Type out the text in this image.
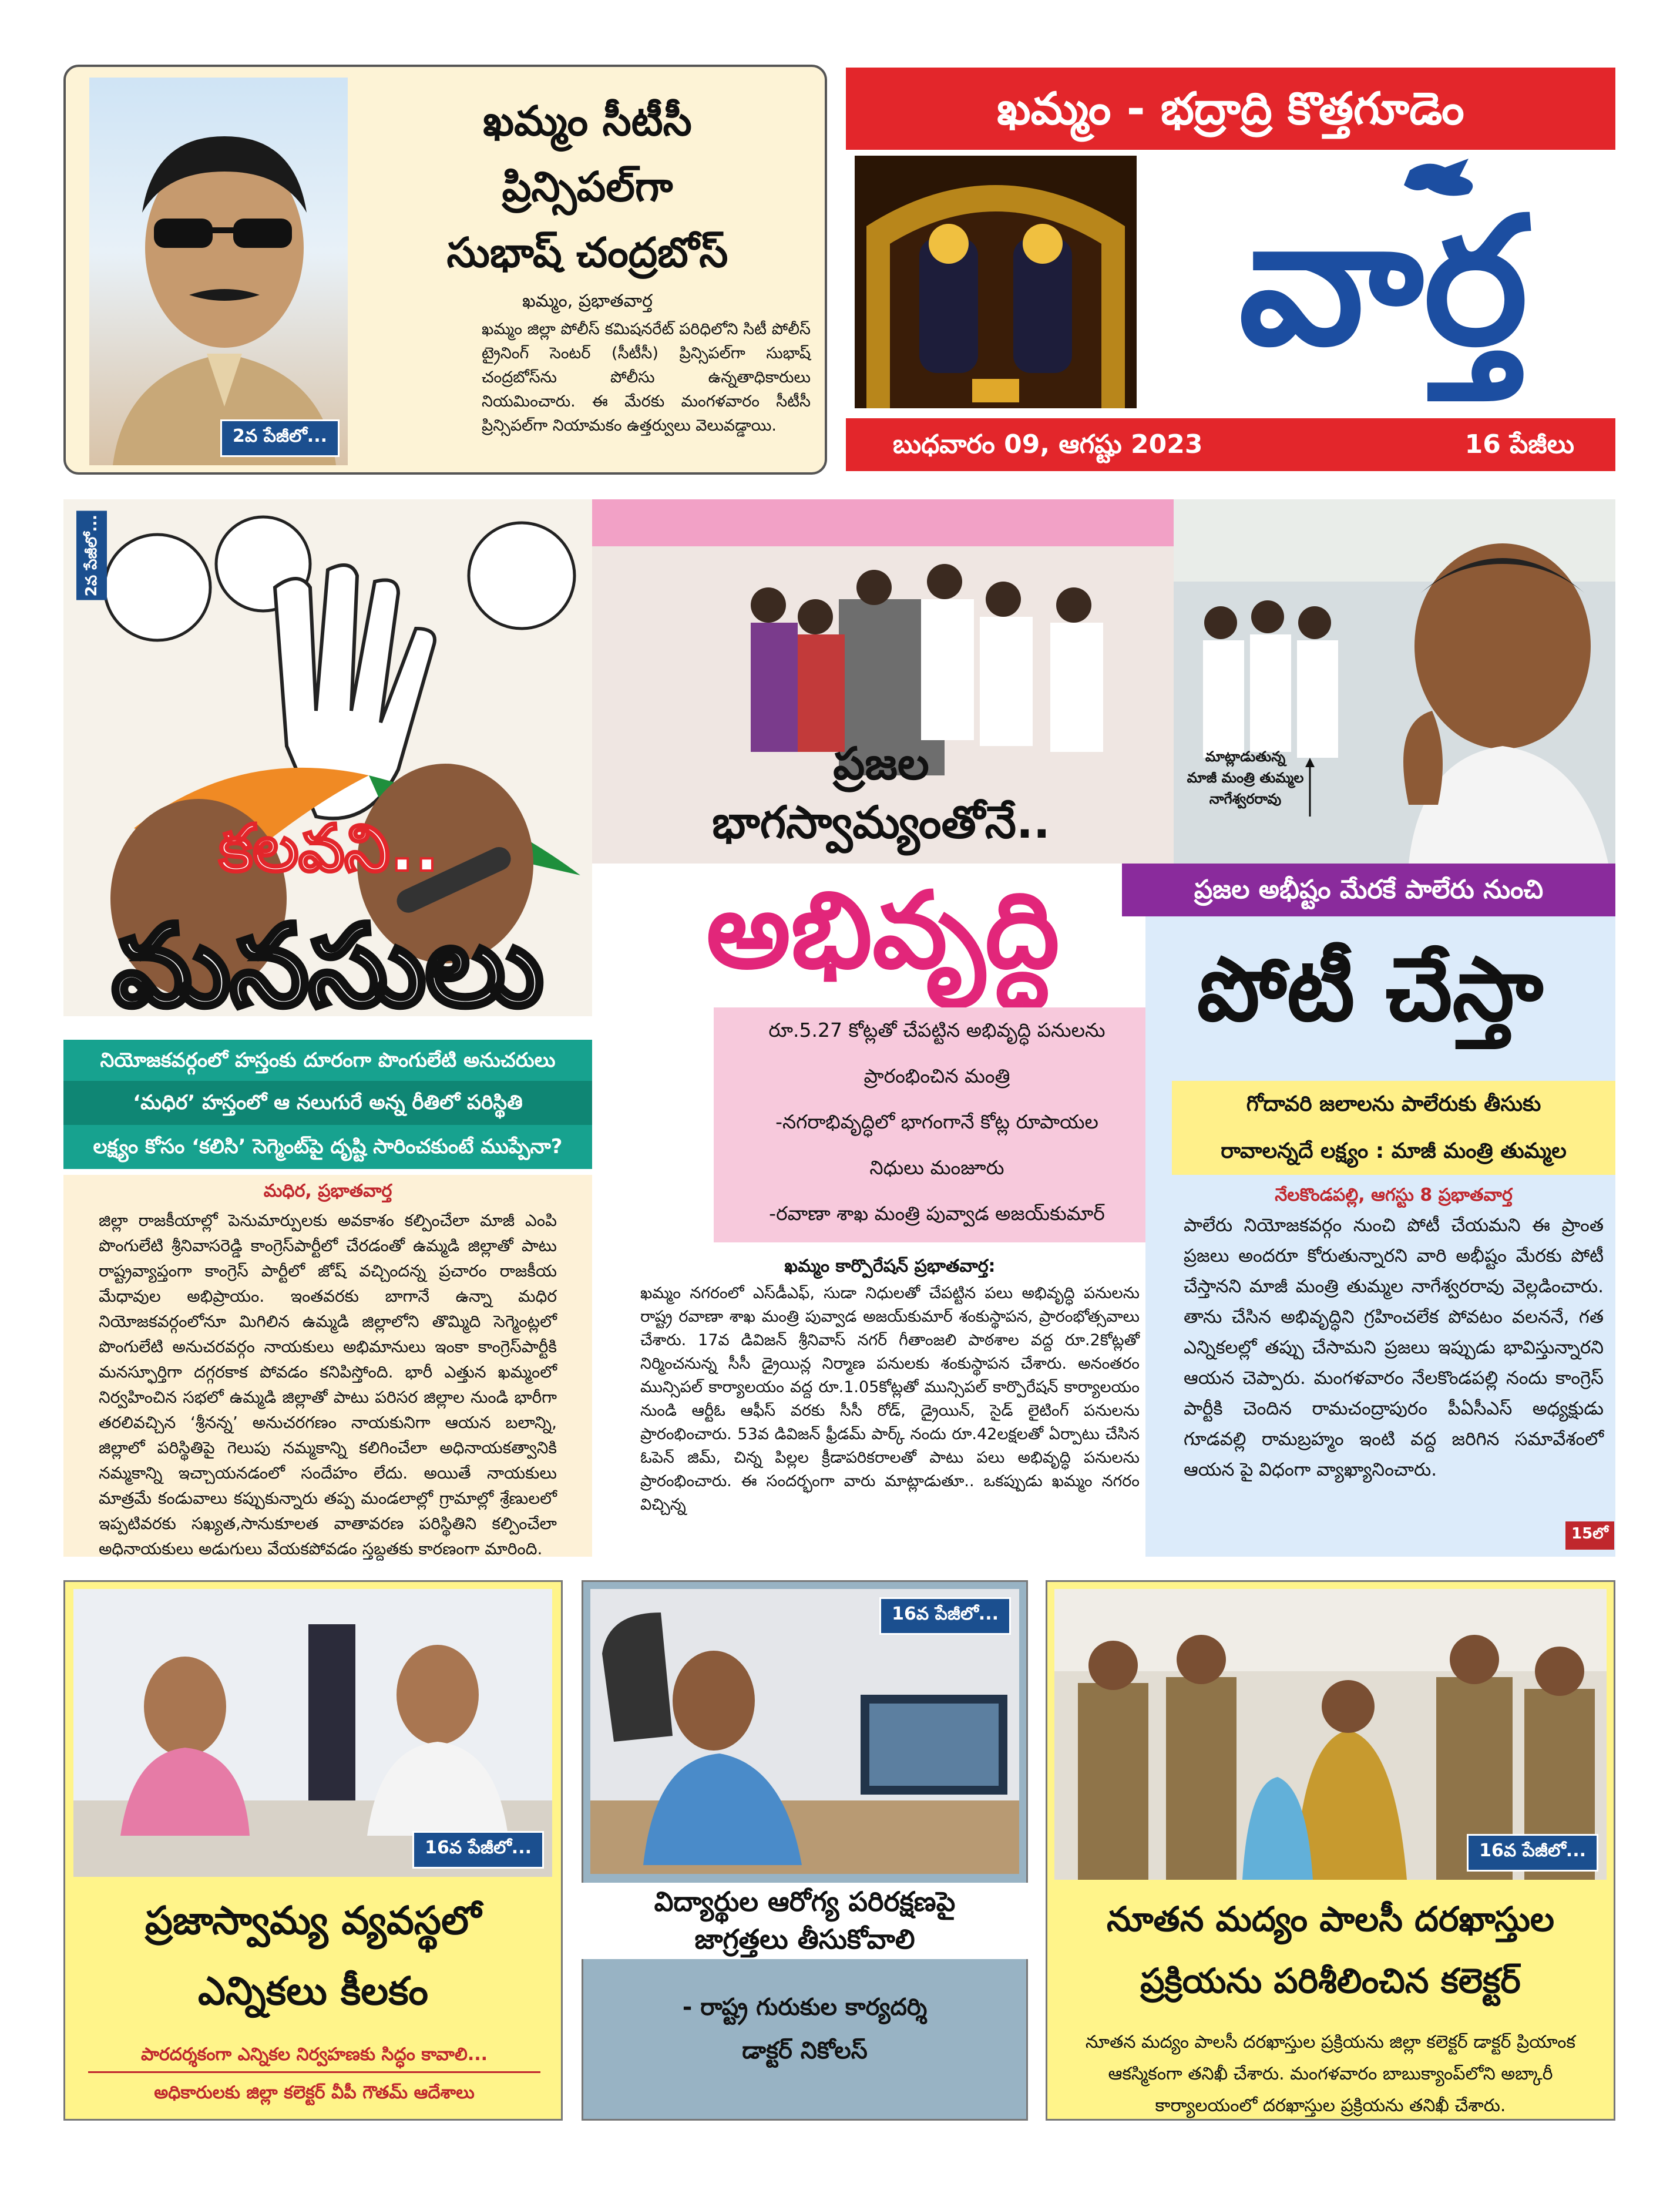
2వ పేజీలో...
ఖమ్మం సీటీసీ
ప్రిన్సిపల్‌గా
సుభాష్ చంద్రబోస్
ఖమ్మం, ప్రభాతవార్త
ఖమ్మం జిల్లా పోలీస్ కమిషనరేట్ పరిధిలోని సిటీ పోలీస్ ట్రైనింగ్ సెంటర్ (సీటీసీ) ప్రిన్సిపల్‌గా సుభాష్ చంద్రబోస్‌ను పోలీసు ఉన్నతాధికారులు నియమించారు. ఈ మేరకు మంగళవారం సీటీసీ ప్రిన్సిపల్‌గా నియామకం ఉత్తర్వులు వెలువడ్డాయి.
ఖమ్మం - భద్రాద్రి కొత్తగూడెం
వార్త
బుధవారం 09, ఆగష్టు 2023	16 పేజీలు
2వ పేజీలో...
కలవని..
మనసులు
నియోజకవర్గంలో హస్తంకు దూరంగా పొంగులేటి అనుచరులు
‘మధిర’ హస్తంలో ఆ నలుగురే అన్న రీతిలో పరిస్థితి
లక్ష్యం కోసం ‘కలిసి’ సెగ్మెంట్‌పై దృష్టి సారించకుంటే ముప్పేనా?
మధిర, ప్రభాతవార్త
జిల్లా రాజకీయాల్లో పెనుమార్పులకు అవకాశం కల్పించేలా మాజీ ఎంపి పొంగులేటి శ్రీనివాసరెడ్డి కాంగ్రెస్‌పార్టీలో చేరడంతో ఉమ్మడి జిల్లాతో పాటు రాష్ట్రవ్యాప్తంగా కాంగ్రెస్ పార్టీలో జోష్ వచ్చిందన్న ప్రచారం రాజకీయ మేధావుల అభిప్రాయం. ఇంతవరకు బాగానే ఉన్నా మధిర నియోజకవర్గంలోనూ మిగిలిన ఉమ్మడి జిల్లాలోని తొమ్మిది సెగ్మెంట్లలో పొంగులేటి అనుచరవర్గం నాయకులు అభిమానులు ఇంకా కాంగ్రెస్‌పార్టీకి మనస్ఫూర్తిగా దగ్గరకాక పోవడం కనిపిస్తోంది. భారీ ఎత్తున ఖమ్మంలో నిర్వహించిన సభలో ఉమ్మడి జిల్లాతో పాటు పరిసర జిల్లాల నుండి భారీగా తరలివచ్చిన ‘శ్రీనన్న’ అనుచరగణం నాయకునిగా ఆయన బలాన్ని, జిల్లాలో పరిస్థితిపై గెలుపు నమ్మకాన్ని కలిగించేలా అధినాయకత్వానికి నమ్మకాన్ని ఇచ్చాయనడంలో సందేహం లేదు. అయితే నాయకులు మాత్రమే కండువాలు కప్పుకున్నారు తప్ప మండలాల్లో గ్రామాల్లో శ్రేణులలో ఇప్పటివరకు సఖ్యత,సానుకూలత వాతావరణ పరిస్థితిని కల్పించేలా అధినాయకులు అడుగులు వేయకపోవడం స్తబ్దతకు కారణంగా మారింది.
ప్రజల
భాగస్వామ్యంతోనే..
అభివృద్ధి
రూ.5.27 కోట్లతో చేపట్టిన అభివృద్ధి పనులను
ప్రారంభించిన మంత్రి
-నగరాభివృద్ధిలో భాగంగానే కోట్ల రూపాయల
నిధులు మంజూరు
-రవాణా శాఖ మంత్రి పువ్వాడ అజయ్‌కుమార్
ఖమ్మం కార్పొరేషన్ ప్రభాతవార్త:
ఖమ్మం నగరంలో ఎస్‌డీఎఫ్, సుడా నిధులతో చేపట్టిన పలు అభివృద్ధి పనులను రాష్ట్ర రవాణా శాఖ మంత్రి పువ్వాడ అజయ్‌కుమార్ శంకుస్థాపన, ప్రారంభోత్సవాలు చేశారు. 17వ డివిజన్ శ్రీనివాస్ నగర్ గీతాంజలి పాఠశాల వద్ద రూ.2కోట్లతో నిర్మించనున్న సీసీ డ్రైయిన్ల నిర్మాణ పనులకు శంకుస్థాపన చేశారు. అనంతరం మున్సిపల్ కార్యాలయం వద్ద రూ.1.05కోట్లతో మున్సిపల్ కార్పొరేషన్ కార్యాలయం నుండి ఆర్టీఓ ఆఫీస్ వరకు సీసీ రోడ్, డ్రైయిన్, సైడ్ లైటింగ్ పనులను ప్రారంభించారు. 53వ డివిజన్ ఫ్రీడమ్ పార్క్ నందు రూ.42లక్షలతో ఏర్పాటు చేసిన ఓపెన్ జిమ్, చిన్న పిల్లల క్రీడాపరికరాలతో పాటు పలు అభివృద్ధి పనులను ప్రారంభించారు. ఈ సందర్భంగా వారు మాట్లాడుతూ.. ఒకప్పుడు ఖమ్మం నగరం విచ్చిన్న
మాట్లాడుతున్న
మాజీ మంత్రి తుమ్మల
నాగేశ్వరరావు
ప్రజల అభీష్టం మేరకే పాలేరు నుంచి
పోటీ చేస్తా
గోదావరి జలాలను పాలేరుకు తీసుకు
రావాలన్నదే లక్ష్యం : మాజీ మంత్రి తుమ్మల
నేలకొండపల్లి, ఆగస్టు 8 ప్రభాతవార్త
పాలేరు నియోజకవర్గం నుంచి పోటీ చేయమని ఈ ప్రాంత ప్రజలు అందరూ కోరుతున్నారని వారి అభీష్టం మేరకు పోటీ చేస్తానని మాజీ మంత్రి తుమ్మల నాగేశ్వరరావు వెల్లడించారు. తాను చేసిన అభివృద్ధిని గ్రహించలేక పోవటం వలననే, గత ఎన్నికలల్లో తప్పు చేసామని ప్రజలు ఇప్పుడు భావిస్తున్నారని ఆయన చెప్పారు. మంగళవారం నేలకొండపల్లి నందు కాంగ్రెస్ పార్టీకి చెందిన రామచంద్రాపురం పీఏసీఎస్ అధ్యక్షుడు గూడవల్లి రామబ్రహ్మం ఇంటి వద్ద జరిగిన సమావేశంలో ఆయన పై విధంగా వ్యాఖ్యానించారు.
15లో
16వ పేజీలో...
ప్రజాస్వామ్య వ్యవస్థలో
ఎన్నికలు కీలకం
పారదర్శకంగా ఎన్నికల నిర్వహణకు సిద్ధం కావాలి...
అధికారులకు జిల్లా కలెక్టర్ వీపీ గౌతమ్ ఆదేశాలు
16వ పేజీలో...
విద్యార్థుల ఆరోగ్య పరిరక్షణపై
జాగ్రత్తలు తీసుకోవాలి
- రాష్ట్ర గురుకుల కార్యదర్శి
డాక్టర్ నికోలస్
16వ పేజీలో...
నూతన మద్యం పాలసీ దరఖాస్తుల
ప్రక్రియను పరిశీలించిన కలెక్టర్
నూతన మద్యం పాలసీ దరఖాస్తుల ప్రక్రియను జిల్లా కలెక్టర్ డాక్టర్ ప్రియాంక ఆకస్మికంగా తనిఖీ చేశారు. మంగళవారం బాబుక్యాంప్‌లోని అబ్కారీ కార్యాలయంలో దరఖాస్తుల ప్రక్రియను తనిఖీ చేశారు.
